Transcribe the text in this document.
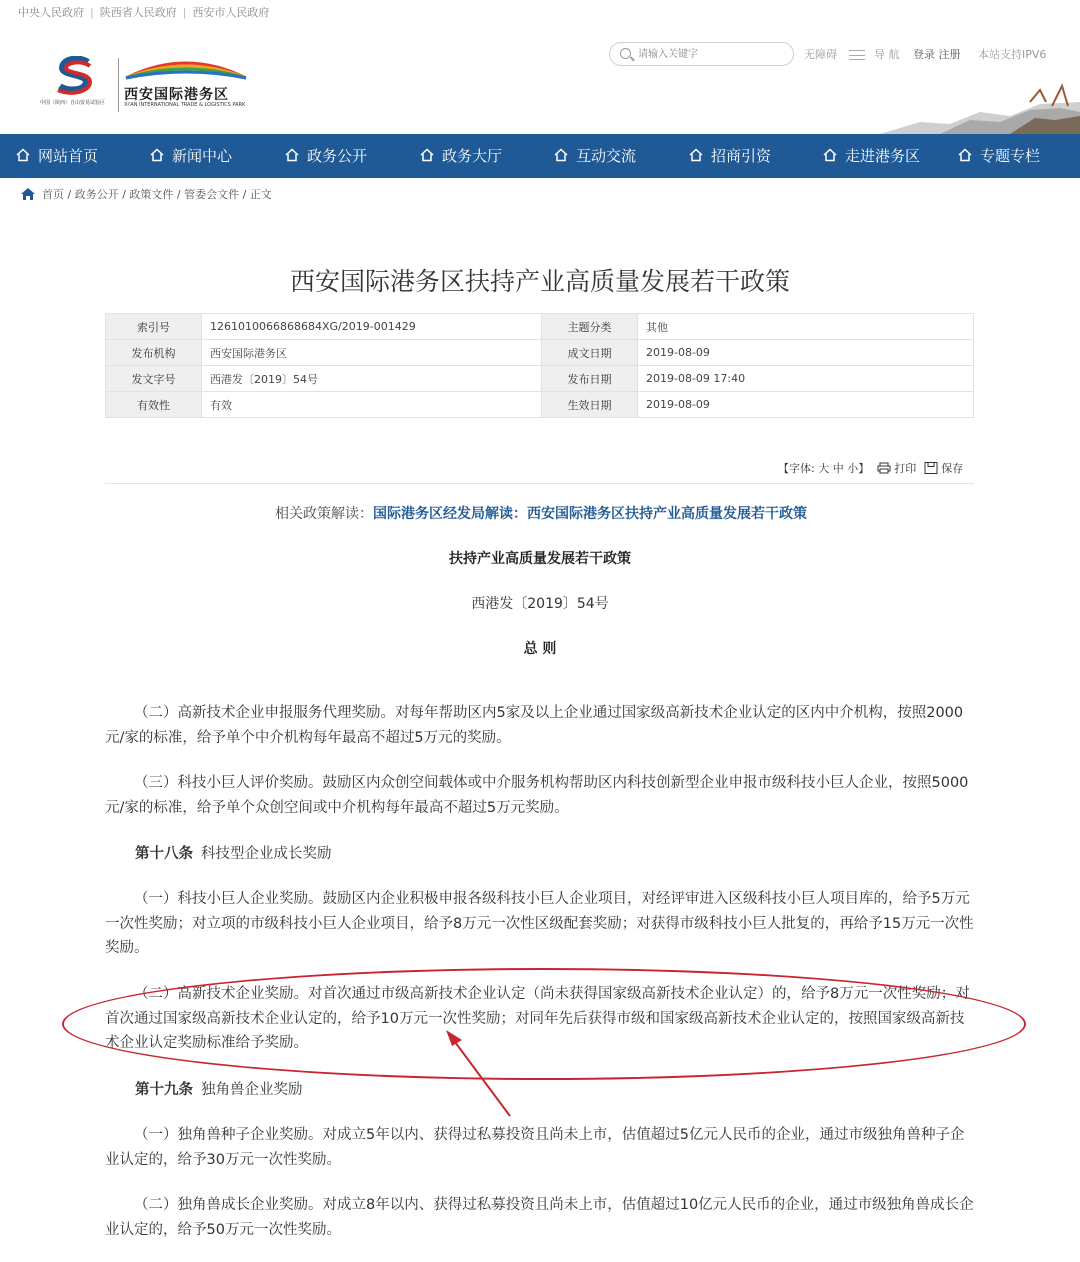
中央人民政府 | 陕西省人民政府 | 西安市人民政府
中国（陕西）自由贸易试验区 西安国际港务区
XI'AN INTERNATIONAL TRADE & LOGISTICS PARK
请输入关键字
无障碍	导 航 登录 注册 本站支持IPV6
网站首页	新闻中心	政务公开	政务大厅	互动交流	招商引资	走进港务区	专题专栏
首页 / 政务公开 / 政策文件 / 管委会文件 / 正文
西安国际港务区扶持产业高质量发展若干政策
索引号	1261010066868684XG/2019-001429	主题分类	其他
发布机构	西安国际港务区	成文日期	2019-08-09
发文字号	西港发〔2019〕54号	发布日期	2019-08-09 17:40
有效性	有效	生效日期	2019-08-09
【字体: 大 中 小】 打印 保存
相关政策解读：国际港务区经发局解读：西安国际港务区扶持产业高质量发展若干政策
扶持产业高质量发展若干政策
西港发〔2019〕54号
总 则
（二）高新技术企业申报服务代理奖励。对每年帮助区内5家及以上企业通过国家级高新技术企业认定的区内中介机构，按照2000元/家的标准，给予单个中介机构每年最高不超过5万元的奖励。
（三）科技小巨人评价奖励。鼓励区内众创空间载体或中介服务机构帮助区内科技创新型企业申报市级科技小巨人企业，按照5000元/家的标准，给予单个众创空间或中介机构每年最高不超过5万元奖励。
第十八条 科技型企业成长奖励
（一）科技小巨人企业奖励。鼓励区内企业积极申报各级科技小巨人企业项目，对经评审进入区级科技小巨人项目库的，给予5万元一次性奖励；对立项的市级科技小巨人企业项目，给予8万元一次性区级配套奖励；对获得市级科技小巨人批复的，再给予15万元一次性奖励。
（二）高新技术企业奖励。对首次通过市级高新技术企业认定（尚未获得国家级高新技术企业认定）的，给予8万元一次性奖励；对首次通过国家级高新技术企业认定的，给予10万元一次性奖励；对同年先后获得市级和国家级高新技术企业认定的，按照国家级高新技术企业认定奖励标准给予奖励。
第十九条 独角兽企业奖励
（一）独角兽种子企业奖励。对成立5年以内、获得过私募投资且尚未上市，估值超过5亿元人民币的企业，通过市级独角兽种子企业认定的，给予30万元一次性奖励。
（二）独角兽成长企业奖励。对成立8年以内、获得过私募投资且尚未上市，估值超过10亿元人民币的企业，通过市级独角兽成长企业认定的，给予50万元一次性奖励。
